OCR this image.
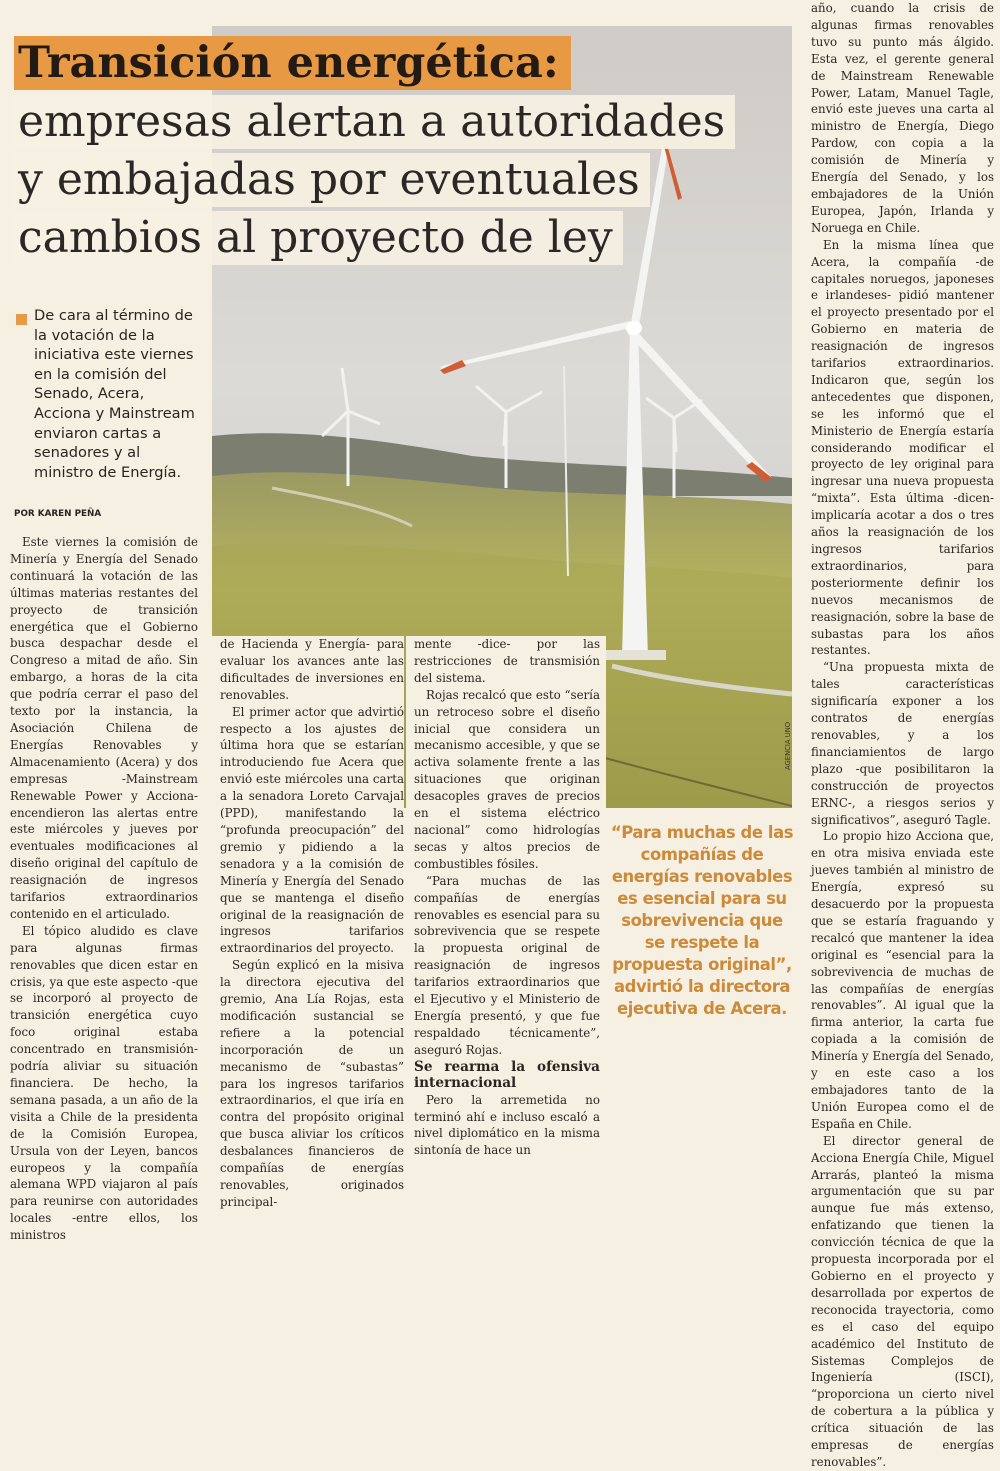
Transición energética:
empresas alertan a autoridades
y embajadas por eventuales
cambios al proyecto de ley
De cara al término de la votación de la iniciativa este viernes en la comisión del Senado, Acera, Acciona y Mainstream enviaron cartas a senadores y al ministro de Energía.
POR KAREN PEÑA

Este viernes la comisión de Minería y Energía del Senado continuará la votación de las últimas materias restantes del proyecto de transición energética que el Gobierno busca despachar desde el Congreso a mitad de año. Sin embargo, a horas de la cita que podría cerrar el paso del texto por la instancia, la Asociación Chilena de Energías Renovables y Almacenamiento (Acera) y dos empresas -Mainstream Renewable Power y Acciona- encendieron las alertas entre este miércoles y jueves por eventuales modificaciones al diseño original del capítulo de reasignación de ingresos tarifarios extraordinarios contenido en el articulado.

El tópico aludido es clave para algunas firmas renovables que dicen estar en crisis, ya que este aspecto -que se incorporó al proyecto de transición energética cuyo foco original estaba concentrado en transmisión- podría aliviar su situación financiera. De hecho, la semana pasada, a un año de la visita a Chile de la presidenta de la Comisión Europea, Ursula von der Leyen, bancos europeos y la compañía alemana WPD viajaron al país para reunirse con autoridades locales -entre ellos, los ministros

de Hacienda y Energía- para evaluar los avances ante las dificultades de inversiones en renovables.

El primer actor que advirtió respecto a los ajustes de última hora que se estarían introduciendo fue Acera que envió este miércoles una carta a la senadora Loreto Carvajal (PPD), manifestando la “profunda preocupación” del gremio y pidiendo a la senadora y a la comisión de Minería y Energía del Senado que se mantenga el diseño original de la reasignación de ingresos tarifarios extraordinarios del proyecto.

Según explicó en la misiva la directora ejecutiva del gremio, Ana Lía Rojas, esta modificación sustancial se refiere a la potencial incorporación de un mecanismo de “subastas” para los ingresos tarifarios extraordinarios, el que iría en contra del propósito original que busca aliviar los críticos desbalances financieros de compañías de energías renovables, originados principal-

mente -dice- por las restricciones de transmisión del sistema.

Rojas recalcó que esto “sería un retroceso sobre el diseño inicial que considera un mecanismo accesible, y que se activa solamente frente a las situaciones que originan desacoples graves de precios en el sistema eléctrico nacional” como hidrologías secas y altos precios de combustibles fósiles.

“Para muchas de las compañías de energías renovables es esencial para su sobrevivencia que se respete la propuesta original de reasignación de ingresos tarifarios extraordinarios que el Ejecutivo y el Ministerio de Energía presentó, y que fue respaldado técnicamente”, aseguró Rojas.

Se rearma la ofensiva internacional

Pero la arremetida no terminó ahí e incluso escaló a nivel diplomático en la misma sintonía de hace un

“Para muchas de las compañías de energías renovables es esencial para su sobrevivencia que se respete la propuesta original”, advirtió la directora ejecutiva de Acera.
AGENCIA UNO

año, cuando la crisis de algunas firmas renovables tuvo su punto más álgido. Esta vez, el gerente general de Mainstream Renewable Power, Latam, Manuel Tagle, envió este jueves una carta al ministro de Energía, Diego Pardow, con copia a la comisión de Minería y Energía del Senado, y los embajadores de la Unión Europea, Japón, Irlanda y Noruega en Chile.

En la misma línea que Acera, la compañía -de capitales noruegos, japoneses e irlandeses- pidió mantener el proyecto presentado por el Gobierno en materia de reasignación de ingresos tarifarios extraordinarios. Indicaron que, según los antecedentes que disponen, se les informó que el Ministerio de Energía estaría considerando modificar el proyecto de ley original para ingresar una nueva propuesta “mixta”. Esta última -dicen- implicaría acotar a dos o tres años la reasignación de los ingresos tarifarios extraordinarios, para posteriormente definir los nuevos mecanismos de reasignación, sobre la base de subastas para los años restantes.

“Una propuesta mixta de tales características significaría exponer a los contratos de energías renovables, y a los financiamientos de largo plazo -que posibilitaron la construcción de proyectos ERNC-, a riesgos serios y significativos”, aseguró Tagle.

Lo propio hizo Acciona que, en otra misiva enviada este jueves también al ministro de Energía, expresó su desacuerdo por la propuesta que se estaría fraguando y recalcó que mantener la idea original es “esencial para la sobrevivencia de muchas de las compañías de energías renovables”. Al igual que la firma anterior, la carta fue copiada a la comisión de Minería y Energía del Senado, y en este caso a los embajadores tanto de la Unión Europea como el de España en Chile.

El director general de Acciona Energía Chile, Miguel Arrarás, planteó la misma argumentación que su par aunque fue más extenso, enfatizando que tienen la convicción técnica de que la propuesta incorporada por el Gobierno en el proyecto y desarrollada por expertos de reconocida trayectoria, como es el caso del equipo académico del Instituto de Sistemas Complejos de Ingeniería (ISCI), “proporciona un cierto nivel de cobertura a la pública y crítica situación de las empresas de energías renovables”.
